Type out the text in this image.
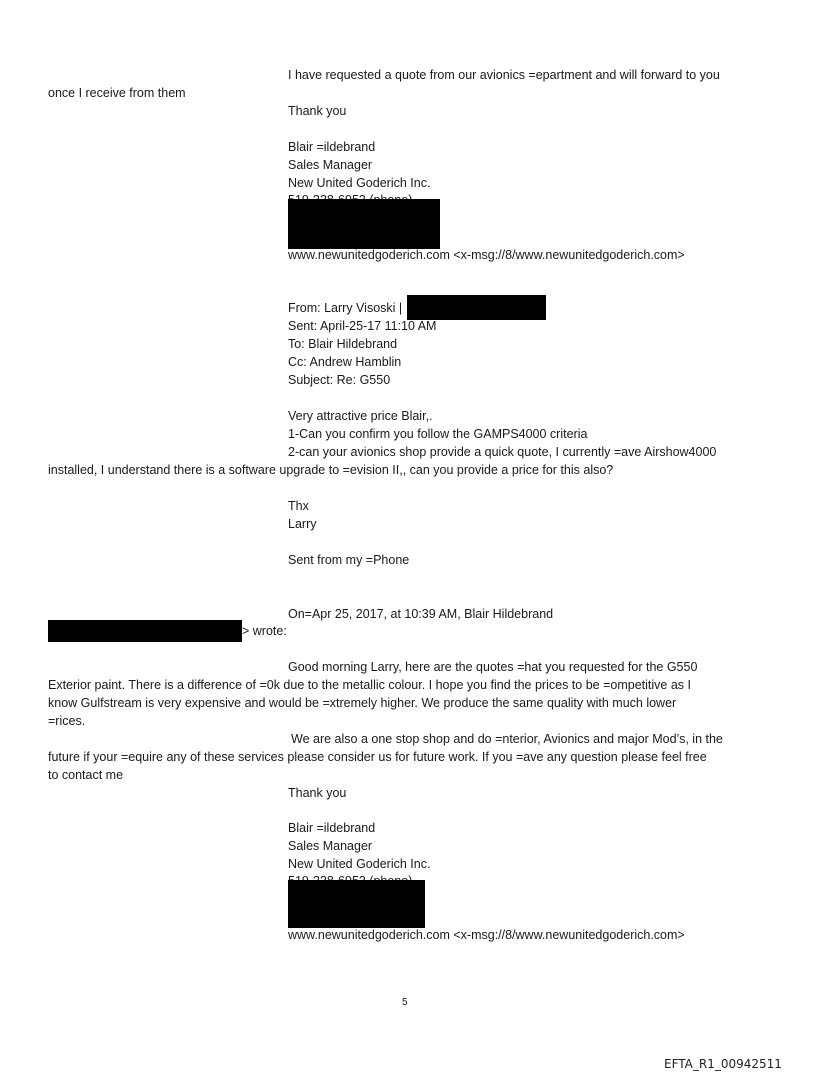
I have requested a quote from our avionics =epartment and will forward to you
once I receive from them
Thank you
Blair =ildebrand
Sales Manager
New United Goderich Inc.
www.newunitedgoderich.com <x-msg://8/www.newunitedgoderich.com>
From: Larry Visoski |
Sent: April-25-17 11:10 AM
To: Blair Hildebrand
Cc: Andrew Hamblin
Subject: Re: G550
Very attractive price Blair,.
1-Can you confirm you follow the GAMPS4000 criteria
2-can your avionics shop provide a quick quote, I currently =ave Airshow4000
installed, I understand there is a software upgrade to =evision II,, can you provide a price for this also?
Thx
Larry
Sent from my =Phone
On=Apr 25, 2017, at 10:39 AM, Blair Hildebrand
> wrote:
Good morning Larry, here are the quotes =hat you requested for the G550
Exterior paint. There is a difference of =0k due to the metallic colour. I hope you find the prices to be =ompetitive as I
know Gulfstream is very expensive and would be =xtremely higher. We produce the same quality with much lower
=rices.
We are also a one stop shop and do =nterior, Avionics and major Mod’s, in the
future if your =equire any of these services please consider us for future work. If you =ave any question please feel free
to contact me
Thank you
Blair =ildebrand
Sales Manager
New United Goderich Inc.
www.newunitedgoderich.com <x-msg://8/www.newunitedgoderich.com>
5
EFTA_R1_00942511
